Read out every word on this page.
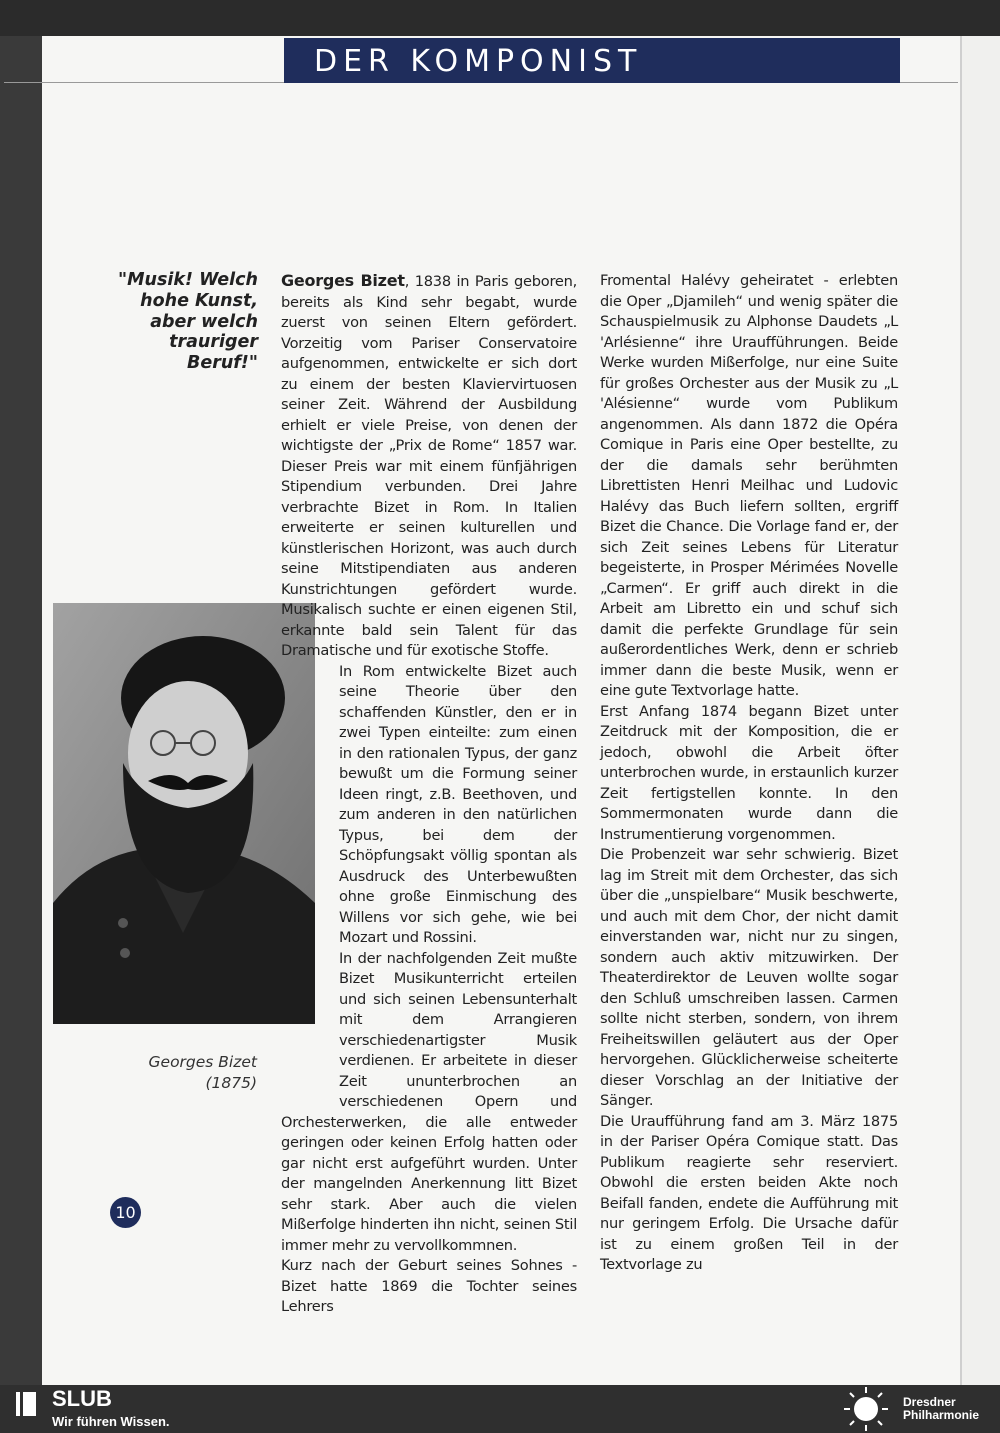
DER KOMPONIST
"Musik! Welch
hohe Kunst,
aber welch
trauriger
Beruf!"
Georges Bizet
(1875)
10

Georges Bizet, 1838 in Paris geboren, bereits als Kind sehr begabt, wurde zuerst von seinen Eltern gefördert. Vorzeitig vom Pariser Conservatoire aufgenommen, entwickelte er sich dort zu einem der besten Klaviervirtuosen seiner Zeit. Während der Ausbildung erhielt er viele Preise, von denen der wichtigste der „Prix de Rome“ 1857 war. Dieser Preis war mit einem fünfjährigen Stipendium verbunden. Drei Jahre verbrachte Bizet in Rom. In Italien erweiterte er seinen kulturellen und künstlerischen Horizont, was auch durch seine Mitstipendiaten aus anderen Kunstrichtungen gefördert wurde. Musikalisch suchte er einen eigenen Stil, erkannte bald sein Talent für das Dramatische und für exotische Stoffe.

In Rom entwickelte Bizet auch seine Theorie über den schaffenden Künstler, den er in zwei Typen einteilte: zum einen in den rationalen Typus, der ganz bewußt um die Formung seiner Ideen ringt, z.B. Beethoven, und zum anderen in den natürlichen Typus, bei dem der Schöpfungsakt völlig spontan als Ausdruck des Unterbewußten ohne große Einmischung des Willens vor sich gehe, wie bei Mozart und Rossini.

In der nachfolgenden Zeit mußte Bizet Musikunterricht erteilen und sich seinen Lebensunterhalt mit dem Arrangieren verschiedenartigster Musik verdienen. Er arbeitete in dieser Zeit ununterbrochen an verschiedenen Opern und Orchesterwerken, die alle entweder geringen oder keinen Erfolg hatten oder gar nicht erst aufgeführt wurden. Unter der mangelnden Anerkennung litt Bizet sehr stark. Aber auch die vielen Mißerfolge hinderten ihn nicht, seinen Stil immer mehr zu vervollkommnen.

Kurz nach der Geburt seines Sohnes - Bizet hatte 1869 die Tochter seines Lehrers

Fromental Halévy geheiratet - erlebten die Oper „Djamileh“ und wenig später die Schauspielmusik zu Alphonse Daudets „L 'Arlésienne“ ihre Uraufführungen. Beide Werke wurden Mißerfolge, nur eine Suite für großes Orchester aus der Musik zu „L 'Alésienne“ wurde vom Publikum angenommen. Als dann 1872 die Opéra Comique in Paris eine Oper bestellte, zu der die damals sehr berühmten Librettisten Henri Meilhac und Ludovic Halévy das Buch liefern sollten, ergriff Bizet die Chance. Die Vorlage fand er, der sich Zeit seines Lebens für Literatur begeisterte, in Prosper Mérimées Novelle „Carmen“. Er griff auch direkt in die Arbeit am Libretto ein und schuf sich damit die perfekte Grundlage für sein außerordentliches Werk, denn er schrieb immer dann die beste Musik, wenn er eine gute Textvorlage hatte.

Erst Anfang 1874 begann Bizet unter Zeitdruck mit der Komposition, die er jedoch, obwohl die Arbeit öfter unterbrochen wurde, in erstaunlich kurzer Zeit fertigstellen konnte. In den Sommermonaten wurde dann die Instrumentierung vorgenommen.

Die Probenzeit war sehr schwierig. Bizet lag im Streit mit dem Orchester, das sich über die „unspielbare“ Musik beschwerte, und auch mit dem Chor, der nicht damit einverstanden war, nicht nur zu singen, sondern auch aktiv mitzuwirken. Der Theaterdirektor de Leuven wollte sogar den Schluß umschreiben lassen. Carmen sollte nicht sterben, sondern, von ihrem Freiheitswillen geläutert aus der Oper hervorgehen. Glücklicherweise scheiterte dieser Vorschlag an der Initiative der Sänger.

Die Uraufführung fand am 3. März 1875 in der Pariser Opéra Comique statt. Das Publikum reagierte sehr reserviert. Obwohl die ersten beiden Akte noch Beifall fanden, endete die Aufführung mit nur geringem Erfolg. Die Ursache dafür ist zu einem großen Teil in der Textvorlage zu

SLUB
Wir führen Wissen.
Dresdner
Philharmonie
